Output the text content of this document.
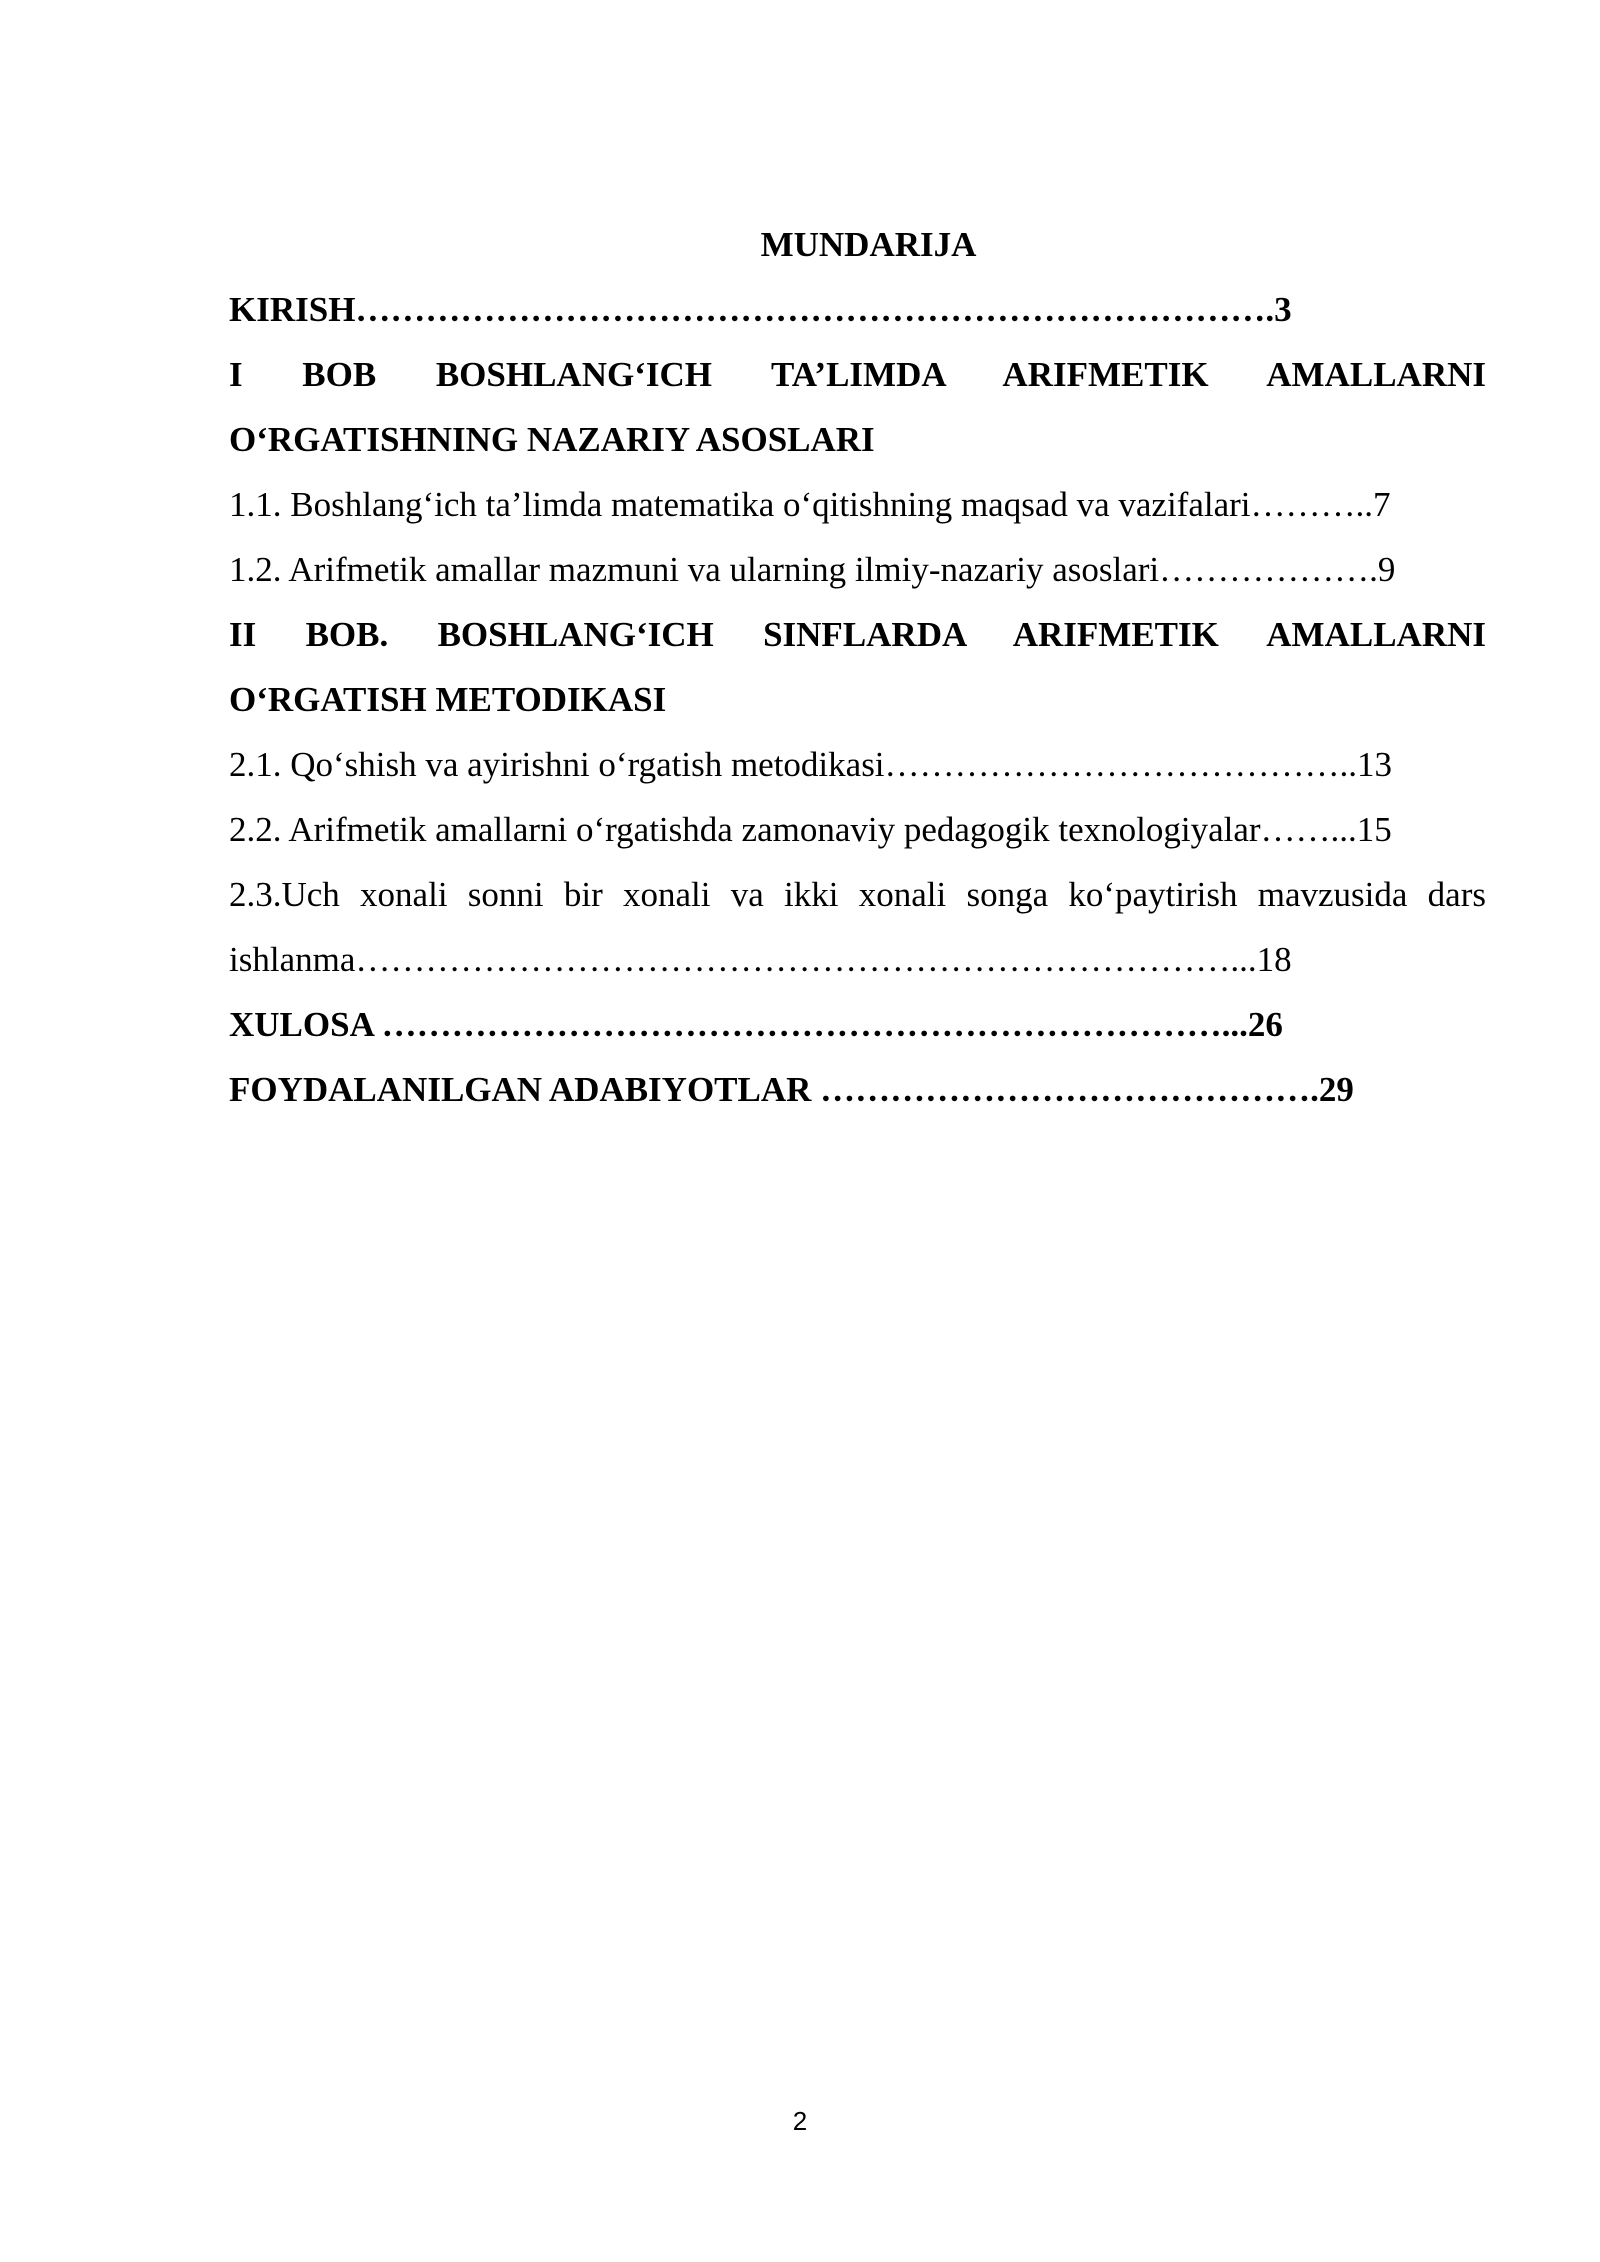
MUNDARIJA
KIRISH…………………………………………………………………….3
I BOB BOSHLANG‘ICH TA’LIMDA ARIFMETIK AMALLARNI
O‘RGATISHNING NAZARIY ASOSLARI
1.1. Boshlang‘ich ta’limda matematika o‘qitishning maqsad va vazifalari………..7
1.2. Arifmetik amallar mazmuni va ularning ilmiy-nazariy asoslari……………….9
II BOB. BOSHLANG‘ICH SINFLARDA ARIFMETIK AMALLARNI
O‘RGATISH METODIKASI
2.1. Qo‘shish va ayirishni o‘rgatish metodikasi…………………………………..13
2.2. Arifmetik amallarni o‘rgatishda zamonaviy pedagogik texnologiyalar……...15
2.3.Uch xonali sonni bir xonali va ikki xonali songa ko‘paytirish mavzusida dars
ishlanma…………………………………………………………………...18
XULOSA ………………………………………………………………...26
FOYDALANILGAN ADABIYOTLAR …………………………………….29
2
